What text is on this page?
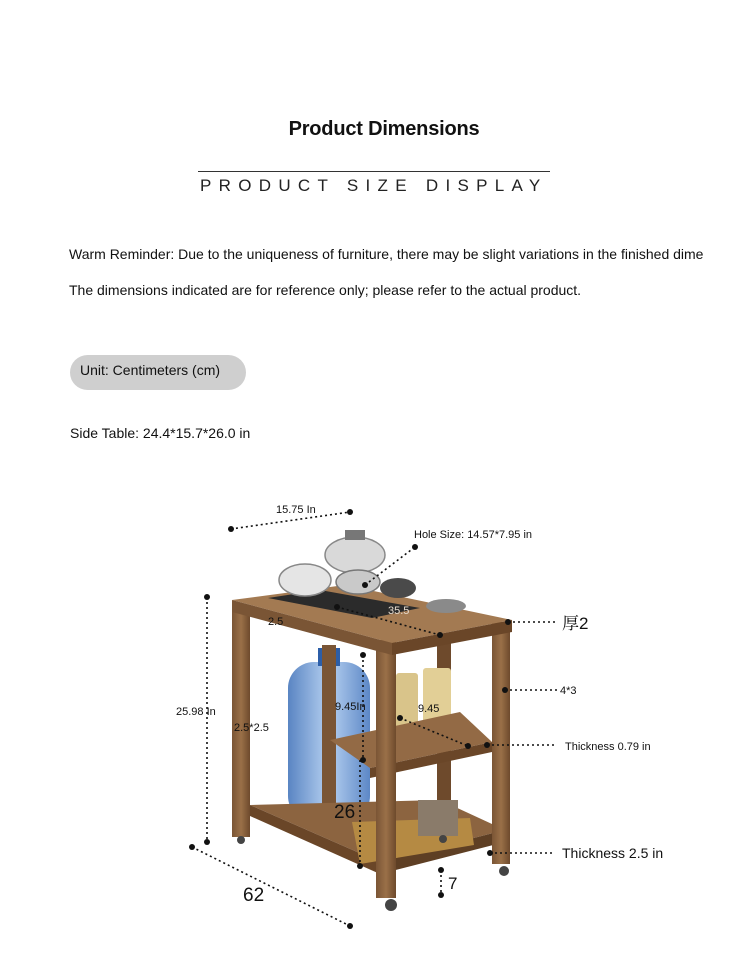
Product Dimensions
PRODUCT SIZE DISPLAY
Warm Reminder: Due to the uniqueness of furniture, there may be slight variations in the finished dime
The dimensions indicated are for reference only; please refer to the actual product.
Unit: Centimeters (cm)
Side Table: 24.4*15.7*26.0 in
15.75 In
Hole Size: 14.57*7.95 in
35.5
2.5	厚2
4*3
25.98 In
2.5*2.5
9.45In	9.45
Thickness 0.79 in
26
Thickness 2.5 in
7
62
